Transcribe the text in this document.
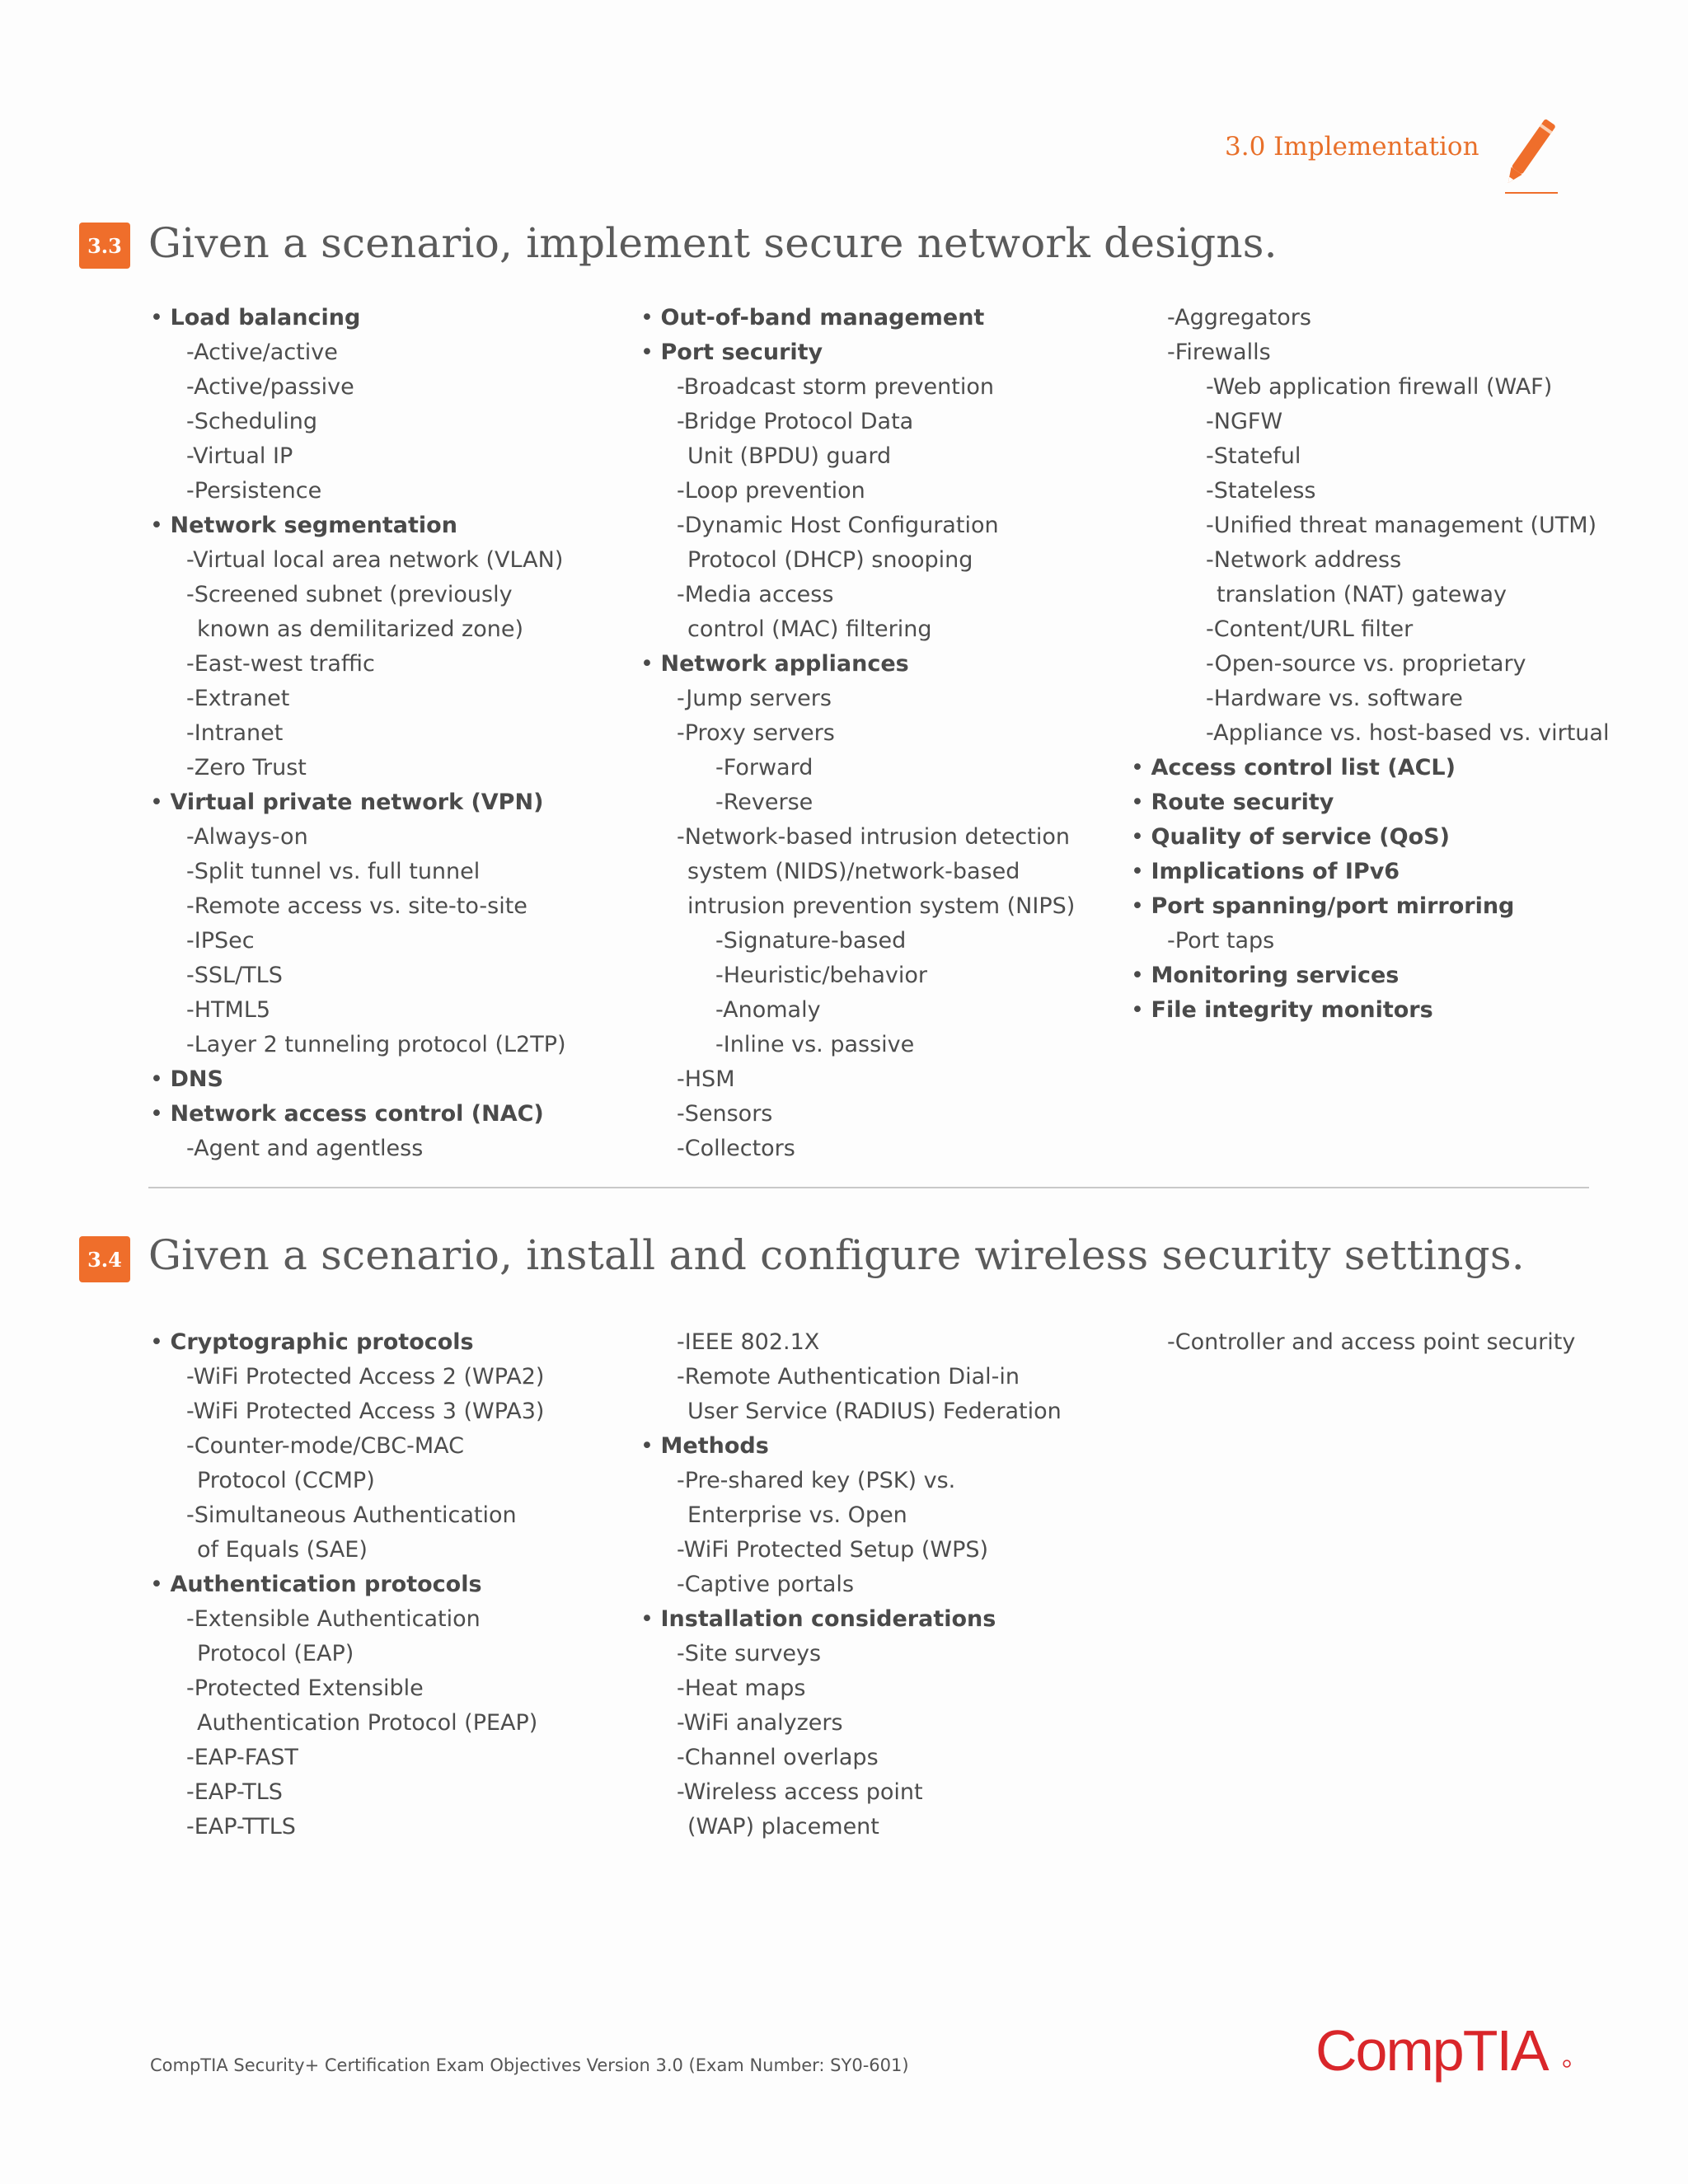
3.0 Implementation
3.3 Given a scenario, implement secure network designs.
• Load balancing
- Active/active
- Active/passive
- Scheduling
- Virtual IP
- Persistence
• Network segmentation
- Virtual local area network (VLAN)
- Screened subnet (previously
known as demilitarized zone)
- East-west traffic
- Extranet
- Intranet
- Zero Trust
• Virtual private network (VPN)
- Always-on
- Split tunnel vs. full tunnel
- Remote access vs. site-to-site
- IPSec
- SSL/TLS
- HTML5
- Layer 2 tunneling protocol (L2TP)
• DNS
• Network access control (NAC)
- Agent and agentless
• Out-of-band management
• Port security
- Broadcast storm prevention
- Bridge Protocol Data
Unit (BPDU) guard
- Loop prevention
- Dynamic Host Configuration
Protocol (DHCP) snooping
- Media access
control (MAC) filtering
• Network appliances
- Jump servers
- Proxy servers
- Forward
- Reverse
- Network-based intrusion detection
system (NIDS)/network-based
intrusion prevention system (NIPS)
- Signature-based
- Heuristic/behavior
- Anomaly
- Inline vs. passive
- HSM
- Sensors
- Collectors
- Aggregators
- Firewalls
- Web application firewall (WAF)
- NGFW
- Stateful
- Stateless
- Unified threat management (UTM)
- Network address
translation (NAT) gateway
- Content/URL filter
- Open-source vs. proprietary
- Hardware vs. software
- Appliance vs. host-based vs. virtual
• Access control list (ACL)
• Route security
• Quality of service (QoS)
• Implications of IPv6
• Port spanning/port mirroring
- Port taps
• Monitoring services
• File integrity monitors
3.4 Given a scenario, install and configure wireless security settings.
• Cryptographic protocols
- WiFi Protected Access 2 (WPA2)
- WiFi Protected Access 3 (WPA3)
- Counter-mode/CBC-MAC
Protocol (CCMP)
- Simultaneous Authentication
of Equals (SAE)
• Authentication protocols
- Extensible Authentication
Protocol (EAP)
- Protected Extensible
Authentication Protocol (PEAP)
- EAP-FAST
- EAP-TLS
- EAP-TTLS
- IEEE 802.1X
- Remote Authentication Dial-in
User Service (RADIUS) Federation
• Methods
- Pre-shared key (PSK) vs.
Enterprise vs. Open
- WiFi Protected Setup (WPS)
- Captive portals
• Installation considerations
- Site surveys
- Heat maps
- WiFi analyzers
- Channel overlaps
- Wireless access point
(WAP) placement
- Controller and access point security
CompTIA Security+ Certification Exam Objectives Version 3.0 (Exam Number: SY0-601)	CompTIA
